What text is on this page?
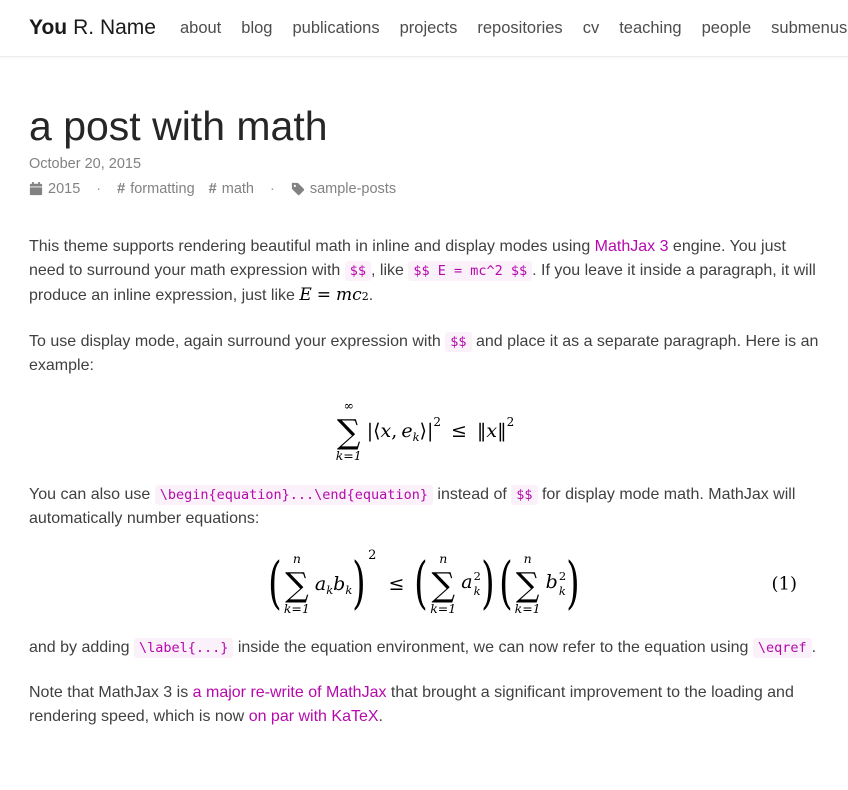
You R. Name	about	blog	publications	projects	repositories	cv	teaching	people	submenus
a post with math

October 20, 2015

2015 · # formatting # math · sample-posts

This theme supports rendering beautiful math in inline and display modes using MathJax 3 engine. You just need to surround your math expression with $$ , like $$ E = mc^2 $$ . If you leave it inside a paragraph, it will produce an inline expression, just like E = m c 2 .

To use display mode, again surround your expression with $$ and place it as a separate paragraph. Here is an example:

∞
∑
k=1
|⟨ x , e k ⟩| 2 ≤ ‖ x ‖ 2

You can also use \begin{equation}...\end{equation} instead of $$ for display mode math. MathJax will automatically number equations:

( n
∑
k=1
a k b k ) 2
≤ ( n
∑
k=1
a 2
k )
  ( n
∑
k=1
b 2
k )	(1)

and by adding \label{...} inside the equation environment, we can now refer to the equation using \eqref .

Note that MathJax 3 is a major re-write of MathJax that brought a significant improvement to the loading and rendering speed, which is now on par with KaTeX.
